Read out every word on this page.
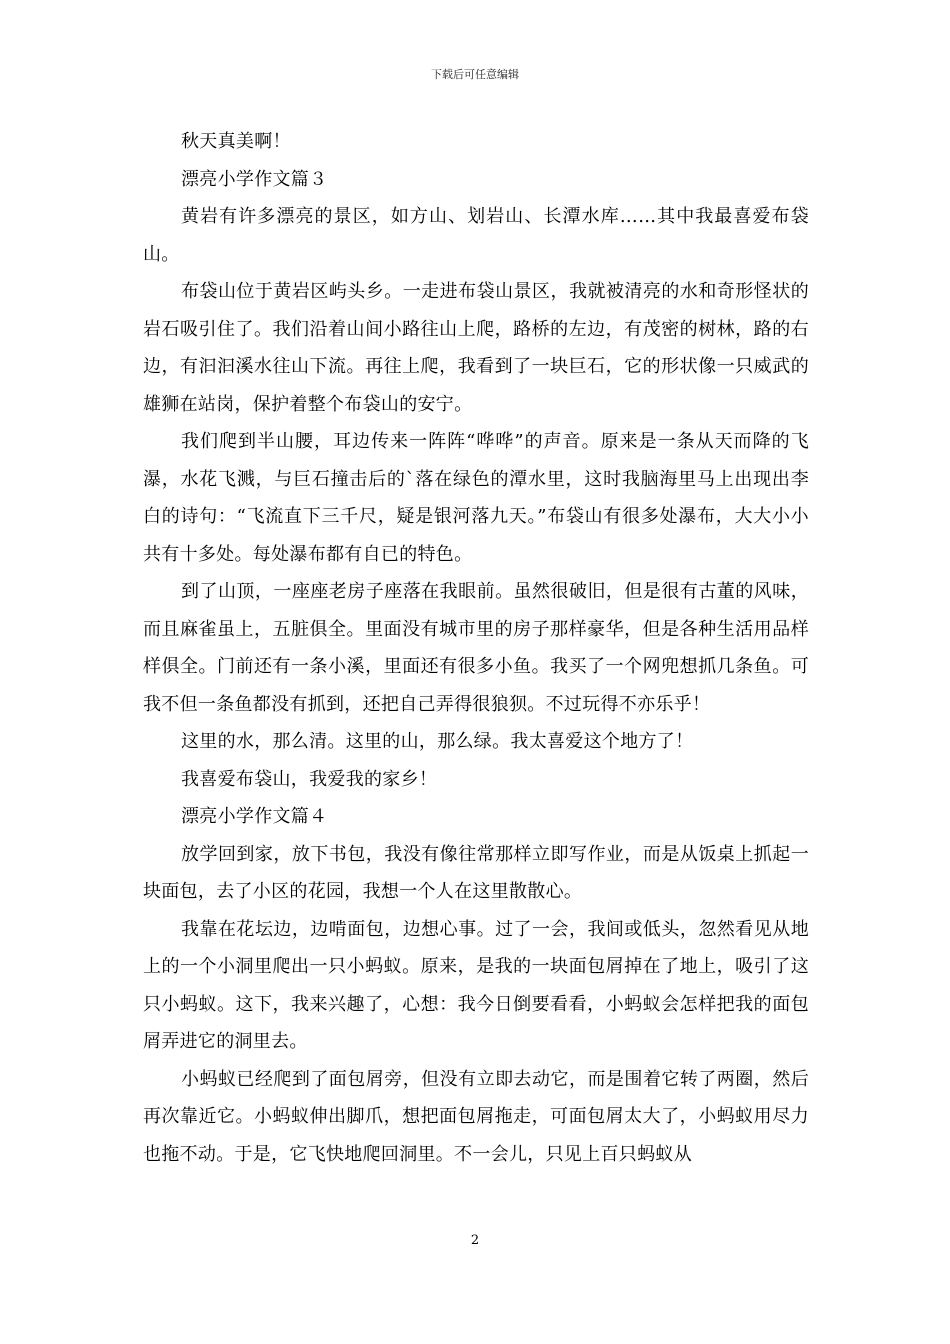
下载后可任意编辑

秋天真美啊！

漂亮小学作文篇３

黄岩有许多漂亮的景区，如方山、划岩山、长潭水库……其中我最喜爱布袋山。

布袋山位于黄岩区屿头乡。一走进布袋山景区，我就被清亮的水和奇形怪状的岩石吸引住了。我们沿着山间小路往山上爬，路桥的左边，有茂密的树林，路的右边，有汩汩溪水往山下流。再往上爬，我看到了一块巨石，它的形状像一只威武的雄狮在站岗，保护着整个布袋山的安宁。

我们爬到半山腰，耳边传来一阵阵“哗哗”的声音。原来是一条从天而降的飞瀑，水花飞溅，与巨石撞击后的`落在绿色的潭水里，这时我脑海里马上出现出李白的诗句：“飞流直下三千尺，疑是银河落九天。”布袋山有很多处瀑布，大大小小共有十多处。每处瀑布都有自已的特色。

到了山顶，一座座老房子座落在我眼前。虽然很破旧，但是很有古董的风味，而且麻雀虽上，五脏俱全。里面没有城市里的房子那样豪华，但是各种生活用品样样俱全。门前还有一条小溪，里面还有很多小鱼。我买了一个网兜想抓几条鱼。可我不但一条鱼都没有抓到，还把自己弄得很狼狈。不过玩得不亦乐乎！

这里的水，那么清。这里的山，那么绿。我太喜爱这个地方了！

我喜爱布袋山，我爱我的家乡！

漂亮小学作文篇４

放学回到家，放下书包，我没有像往常那样立即写作业，而是从饭桌上抓起一块面包，去了小区的花园，我想一个人在这里散散心。

我靠在花坛边，边啃面包，边想心事。过了一会，我间或低头，忽然看见从地上的一个小洞里爬出一只小蚂蚁。原来，是我的一块面包屑掉在了地上，吸引了这只小蚂蚁。这下，我来兴趣了，心想：我今日倒要看看，小蚂蚁会怎样把我的面包屑弄进它的洞里去。

小蚂蚁已经爬到了面包屑旁，但没有立即去动它，而是围着它转了两圈，然后再次靠近它。小蚂蚁伸出脚爪，想把面包屑拖走，可面包屑太大了，小蚂蚁用尽力也拖不动。于是，它飞快地爬回洞里。不一会儿，只见上百只蚂蚁从

2
